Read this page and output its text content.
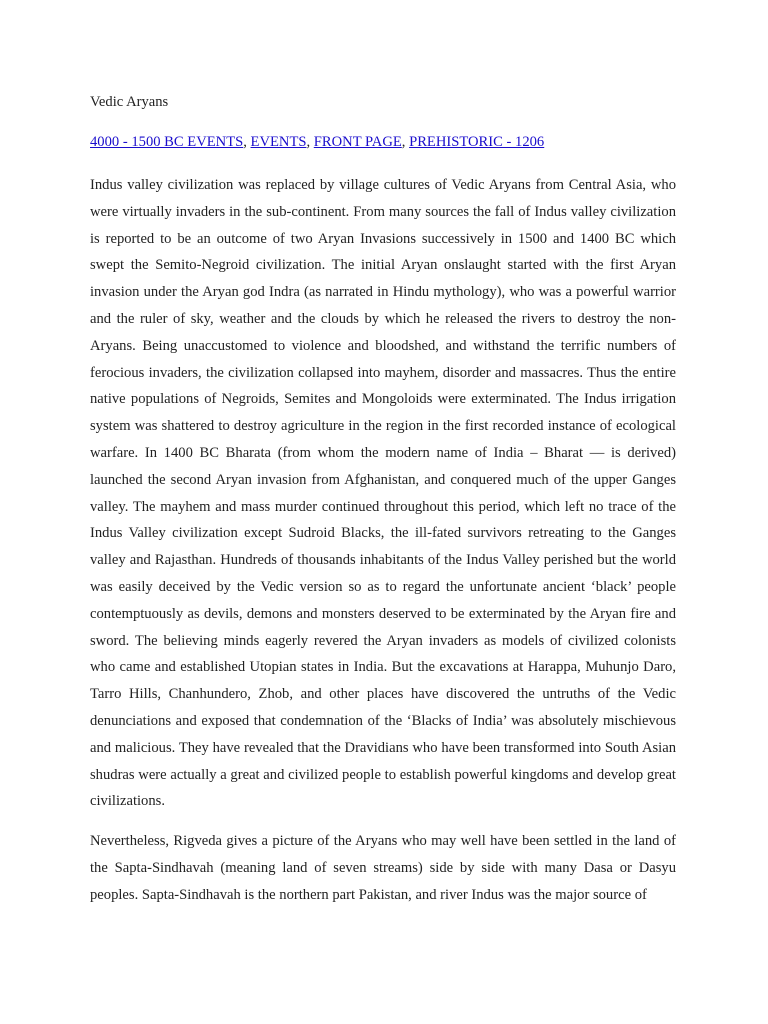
Vedic Aryans

4000 - 1500 BC EVENTS, EVENTS, FRONT PAGE, PREHISTORIC - 1206

Indus valley civilization was replaced by village cultures of Vedic Aryans from Central Asia, who were virtually invaders in the sub-continent. From many sources the fall of Indus valley civilization is reported to be an outcome of two Aryan Invasions successively in 1500 and 1400 BC which swept the Semito-Negroid civilization. The initial Aryan onslaught started with the first Aryan invasion under the Aryan god Indra (as narrated in Hindu mythology), who was a powerful warrior and the ruler of sky, weather and the clouds by which he released the rivers to destroy the non-Aryans. Being unaccustomed to violence and bloodshed, and withstand the terrific numbers of ferocious invaders, the civilization collapsed into mayhem, disorder and massacres. Thus the entire native populations of Negroids, Semites and Mongoloids were exterminated. The Indus irrigation system was shattered to destroy agriculture in the region in the first recorded instance of ecological warfare. In 1400 BC Bharata (from whom the modern name of India – Bharat — is derived) launched the second Aryan invasion from Afghanistan, and conquered much of the upper Ganges valley. The mayhem and mass murder continued throughout this period, which left no trace of the Indus Valley civilization except Sudroid Blacks, the ill-fated survivors retreating to the Ganges valley and Rajasthan. Hundreds of thousands inhabitants of the Indus Valley perished but the world was easily deceived by the Vedic version so as to regard the unfortunate ancient ‘black’ people contemptuously as devils, demons and monsters deserved to be exterminated by the Aryan fire and sword. The believing minds eagerly revered the Aryan invaders as models of civilized colonists who came and established Utopian states in India. But the excavations at Harappa, Muhunjo Daro, Tarro Hills, Chanhundero, Zhob, and other places have discovered the untruths of the Vedic denunciations and exposed that condemnation of the ‘Blacks of India’ was absolutely mischievous and malicious. They have revealed that the Dravidians who have been transformed into South Asian shudras were actually a great and civilized people to establish powerful kingdoms and develop great civilizations.

Nevertheless, Rigveda gives a picture of the Aryans who may well have been settled in the land of the Sapta-Sindhavah (meaning land of seven streams) side by side with many Dasa or Dasyu peoples. Sapta-Sindhavah is the northern part Pakistan, and river Indus was the major source of
